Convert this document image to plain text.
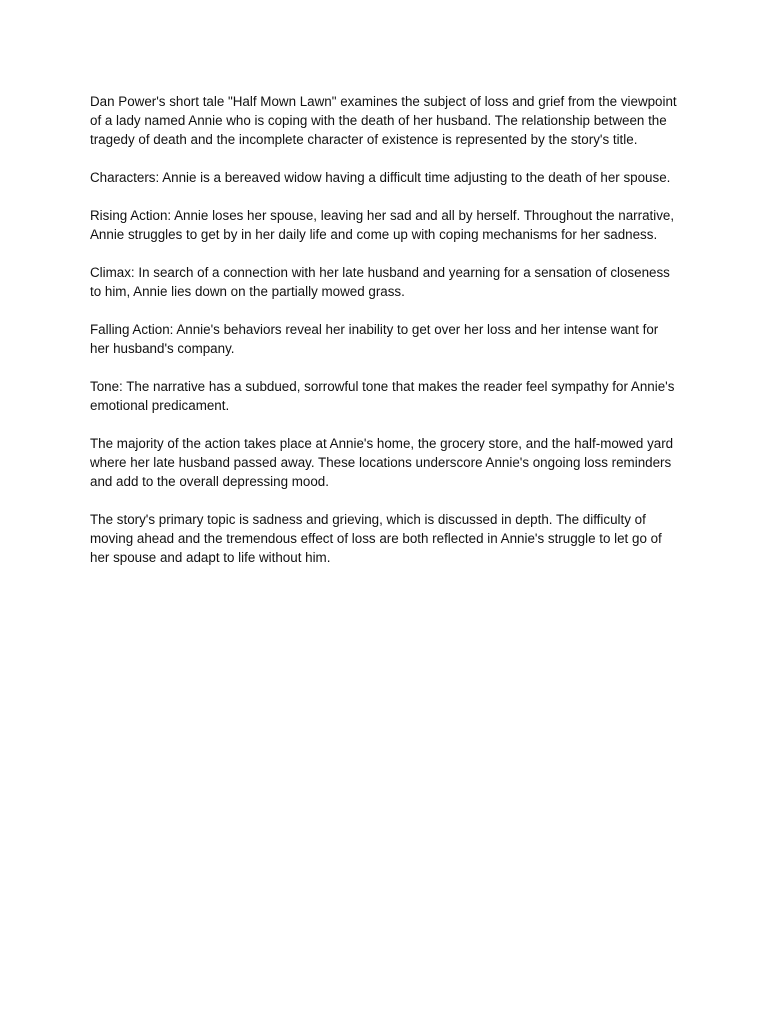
Dan Power's short tale "Half Mown Lawn" examines the subject of loss and grief from the viewpoint of a lady named Annie who is coping with the death of her husband. The relationship between the tragedy of death and the incomplete character of existence is represented by the story's title.

Characters: Annie is a bereaved widow having a difficult time adjusting to the death of her spouse.

Rising Action: Annie loses her spouse, leaving her sad and all by herself. Throughout the narrative, Annie struggles to get by in her daily life and come up with coping mechanisms for her sadness.

Climax: In search of a connection with her late husband and yearning for a sensation of closeness to him, Annie lies down on the partially mowed grass.

Falling Action: Annie's behaviors reveal her inability to get over her loss and her intense want for her husband's company.

Tone: The narrative has a subdued, sorrowful tone that makes the reader feel sympathy for Annie's emotional predicament.

The majority of the action takes place at Annie's home, the grocery store, and the half-mowed yard where her late husband passed away. These locations underscore Annie's ongoing loss reminders and add to the overall depressing mood.

The story's primary topic is sadness and grieving, which is discussed in depth. The difficulty of moving ahead and the tremendous effect of loss are both reflected in Annie's struggle to let go of her spouse and adapt to life without him.
